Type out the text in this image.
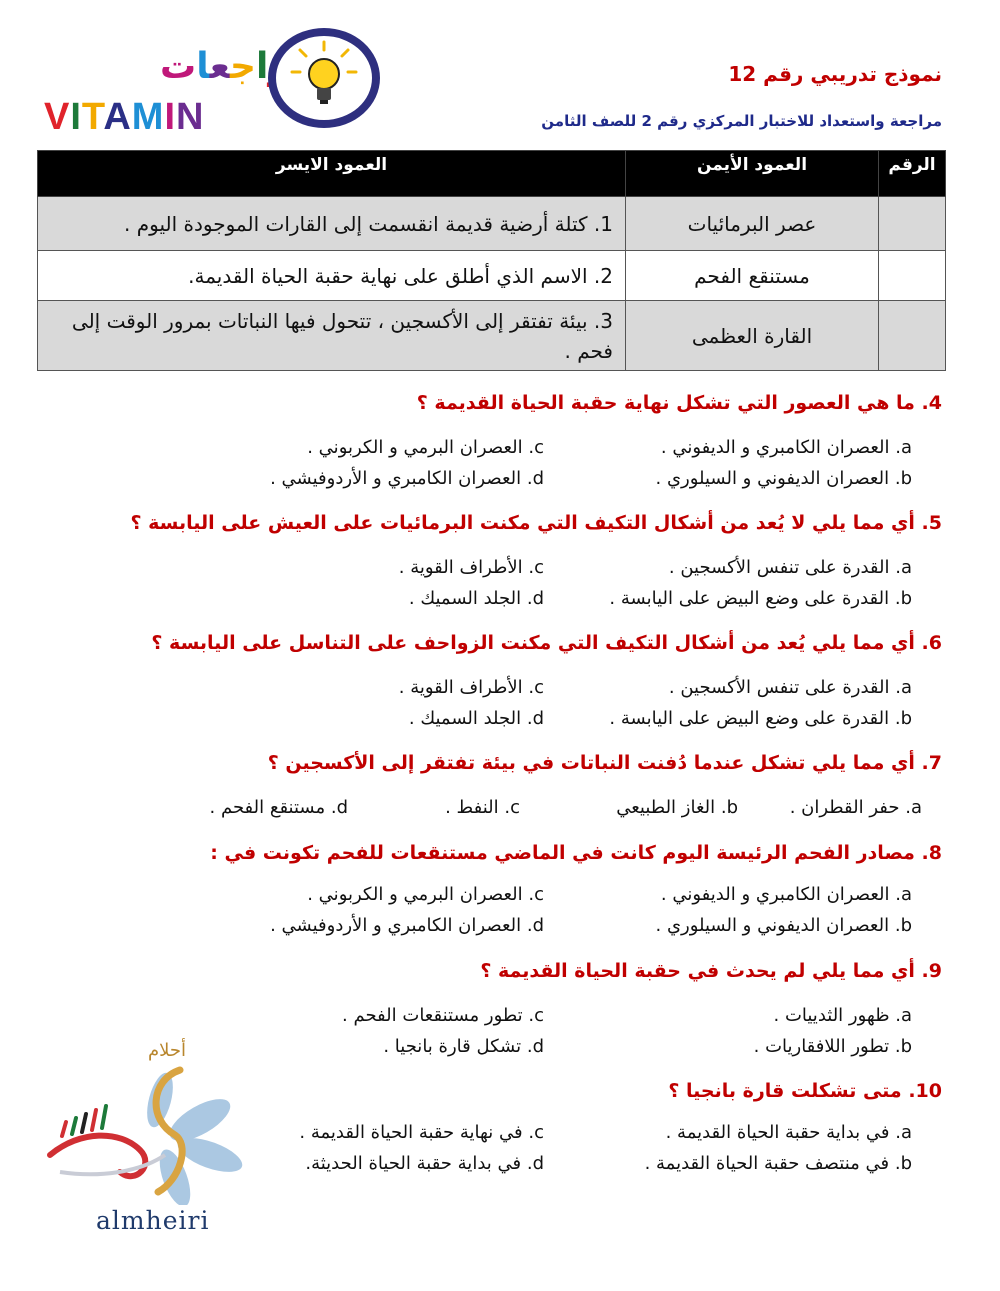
نموذج تدريبي رقم 12
مراجعة واستعداد للاختبار المركزي رقم 2 للصف الثامن
اجعات
VITAMIN
الرقم	العمود الأيمن	العمود الايسر
	عصر البرمائيات	1. كتلة أرضية قديمة انقسمت إلى القارات الموجودة اليوم .
	مستنقع الفحم	2. الاسم الذي أطلق على نهاية حقبة الحياة القديمة.
	القارة العظمى	3. بيئة تفتقر إلى الأكسجين ، تتحول فيها النباتات بمرور الوقت إلى فحم .
4. ما هي العصور التي تشكل نهاية حقبة الحياة القديمة ؟
a. العصران الكامبري و الديفوني .
b. العصران الديفوني و السيلوري .
c. العصران البرمي و الكربوني .
d. العصران الكامبري و الأردوفيشي .
5. أي مما يلي لا يُعد من أشكال التكيف التي مكنت البرمائيات على العيش على اليابسة ؟
a. القدرة على تنفس الأكسجين .
b. القدرة على وضع البيض على اليابسة .
c. الأطراف القوية .
d. الجلد السميك .
6. أي مما يلي يُعد من أشكال التكيف التي مكنت الزواحف على التناسل على اليابسة ؟
a. القدرة على تنفس الأكسجين .
b. القدرة على وضع البيض على اليابسة .
c. الأطراف القوية .
d. الجلد السميك .
7. أي مما يلي تشكل عندما دُفنت النباتات في بيئة تفتقر إلى الأكسجين ؟
a. حفر القطران .
b. الغاز الطبيعي
c. النفط .
d. مستنقع الفحم .
8. مصادر الفحم الرئيسة اليوم كانت في الماضي مستنقعات للفحم تكونت في :
a. العصران الكامبري و الديفوني .
b. العصران الديفوني و السيلوري .
c. العصران البرمي و الكربوني .
d. العصران الكامبري و الأردوفيشي .
9. أي مما يلي لم يحدث في حقبة الحياة القديمة ؟
a. ظهور الثدييات .
b. تطور اللافقاريات .
c. تطور مستنقعات الفحم .
d. تشكل قارة بانجيا .
10. متى تشكلت قارة بانجيا ؟
a. في بداية حقبة الحياة القديمة .
b. في منتصف حقبة الحياة القديمة .
c. في نهاية حقبة الحياة القديمة .
d. في بداية حقبة الحياة الحديثة.
أحلام
almheiri
